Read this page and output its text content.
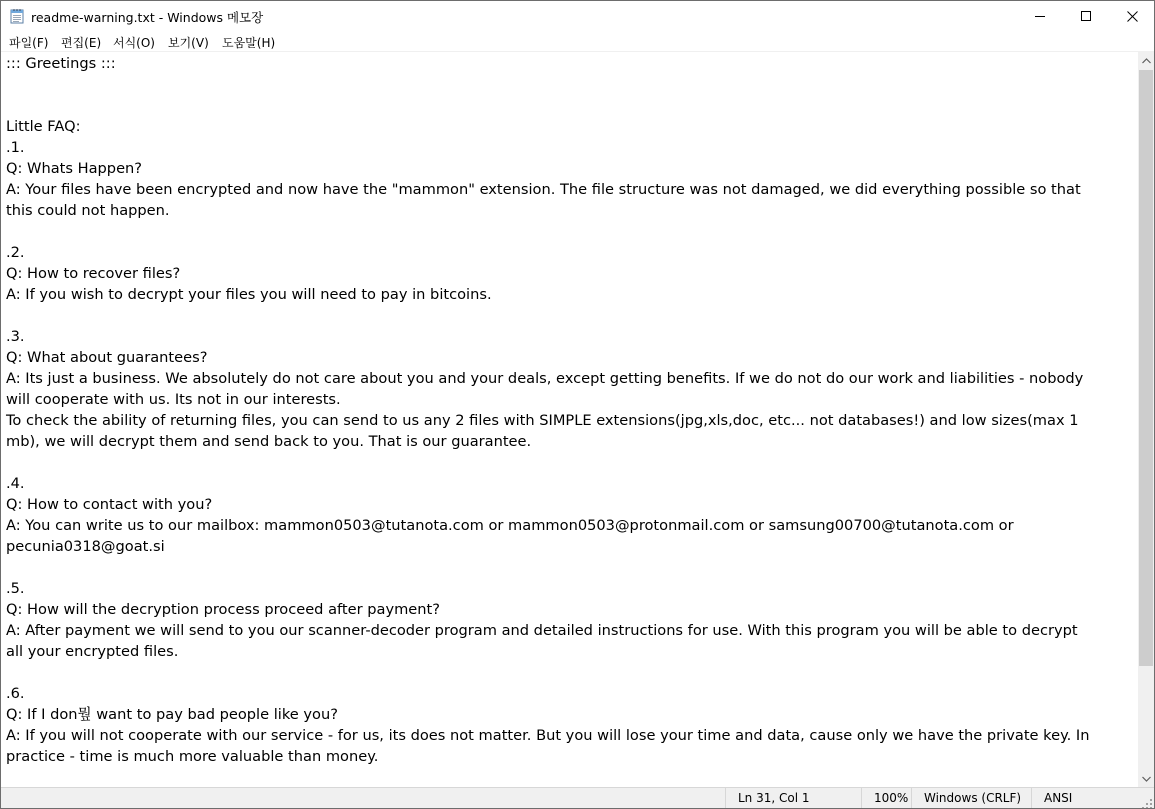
readme-warning.txt - Windows 메모장
파일(F) 편집(E) 서식(O) 보기(V) 도움말(H)
::: Greetings :::

Little FAQ:
.1.
Q: Whats Happen?
A: Your files have been encrypted and now have the "mammon" extension. The file structure was not damaged, we did everything possible so that
this could not happen.

.2.
Q: How to recover files?
A: If you wish to decrypt your files you will need to pay in bitcoins.

.3.
Q: What about guarantees?
A: Its just a business. We absolutely do not care about you and your deals, except getting benefits. If we do not do our work and liabilities - nobody
will cooperate with us. Its not in our interests.
To check the ability of returning files, you can send to us any 2 files with SIMPLE extensions(jpg,xls,doc, etc... not databases!) and low sizes(max 1
mb), we will decrypt them and send back to you. That is our guarantee.

.4.
Q: How to contact with you?
A: You can write us to our mailbox: mammon0503@tutanota.com or mammon0503@protonmail.com or samsung00700@tutanota.com or
pecunia0318@goat.si

.5.
Q: How will the decryption process proceed after payment?
A: After payment we will send to you our scanner-decoder program and detailed instructions for use. With this program you will be able to decrypt
all your encrypted files.

.6.
Q: If I don뭪 want to pay bad people like you?
A: If you will not cooperate with our service - for us, its does not matter. But you will lose your time and data, cause only we have the private key. In
practice - time is much more valuable than money.
Ln 31, Col 1	100%	Windows (CRLF)	ANSI
